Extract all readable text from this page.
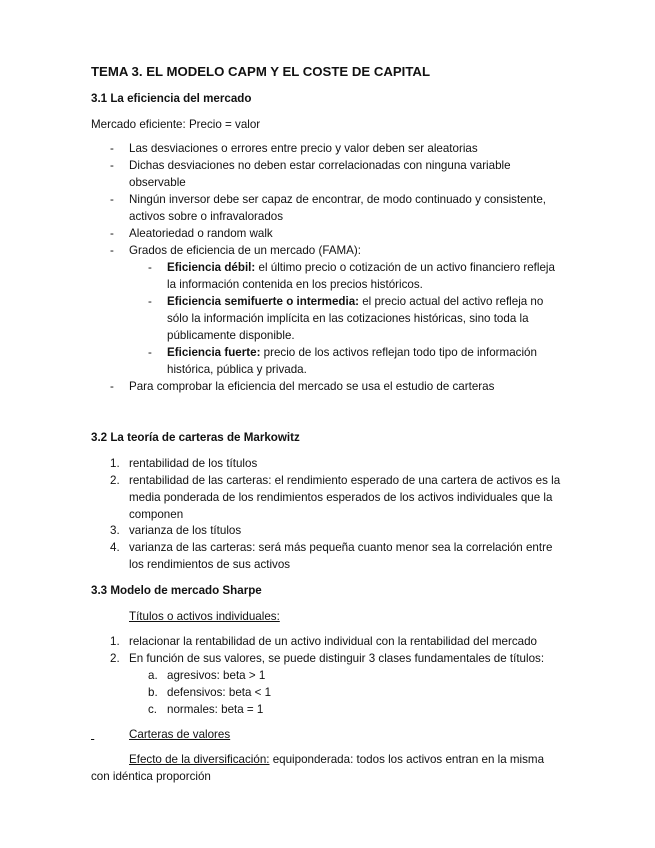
TEMA 3. EL MODELO CAPM Y EL COSTE DE CAPITAL
3.1 La eficiencia del mercado
Mercado eficiente: Precio = valor
- Las desviaciones o errores entre precio y valor deben ser aleatorias
- Dichas desviaciones no deben estar correlacionadas con ninguna variable observable
- Ningún inversor debe ser capaz de encontrar, de modo continuado y consistente, activos sobre o infravalorados
- Aleatoriedad o random walk
- Grados de eficiencia de un mercado (FAMA):
- Eficiencia débil: el último precio o cotización de un activo financiero refleja la información contenida en los precios históricos.
- Eficiencia semifuerte o intermedia: el precio actual del activo refleja no sólo la información implícita en las cotizaciones históricas, sino toda la públicamente disponible.
- Eficiencia fuerte: precio de los activos reflejan todo tipo de información histórica, pública y privada.
- Para comprobar la eficiencia del mercado se usa el estudio de carteras
3.2 La teoría de carteras de Markowitz
1. rentabilidad de los títulos
2. rentabilidad de las carteras: el rendimiento esperado de una cartera de activos es la media ponderada de los rendimientos esperados de los activos individuales que la componen
3. varianza de los títulos
4. varianza de las carteras: será más pequeña cuanto menor sea la correlación entre los rendimientos de sus activos
3.3 Modelo de mercado Sharpe
Títulos o activos individuales:
1. relacionar la rentabilidad de un activo individual con la rentabilidad del mercado
2. En función de sus valores, se puede distinguir 3 clases fundamentales de títulos:
a. agresivos: beta > 1
b. defensivos: beta < 1
c. normales: beta = 1
Carteras de valores
Efecto de la diversificación: equiponderada: todos los activos entran en la misma
con idéntica proporción
